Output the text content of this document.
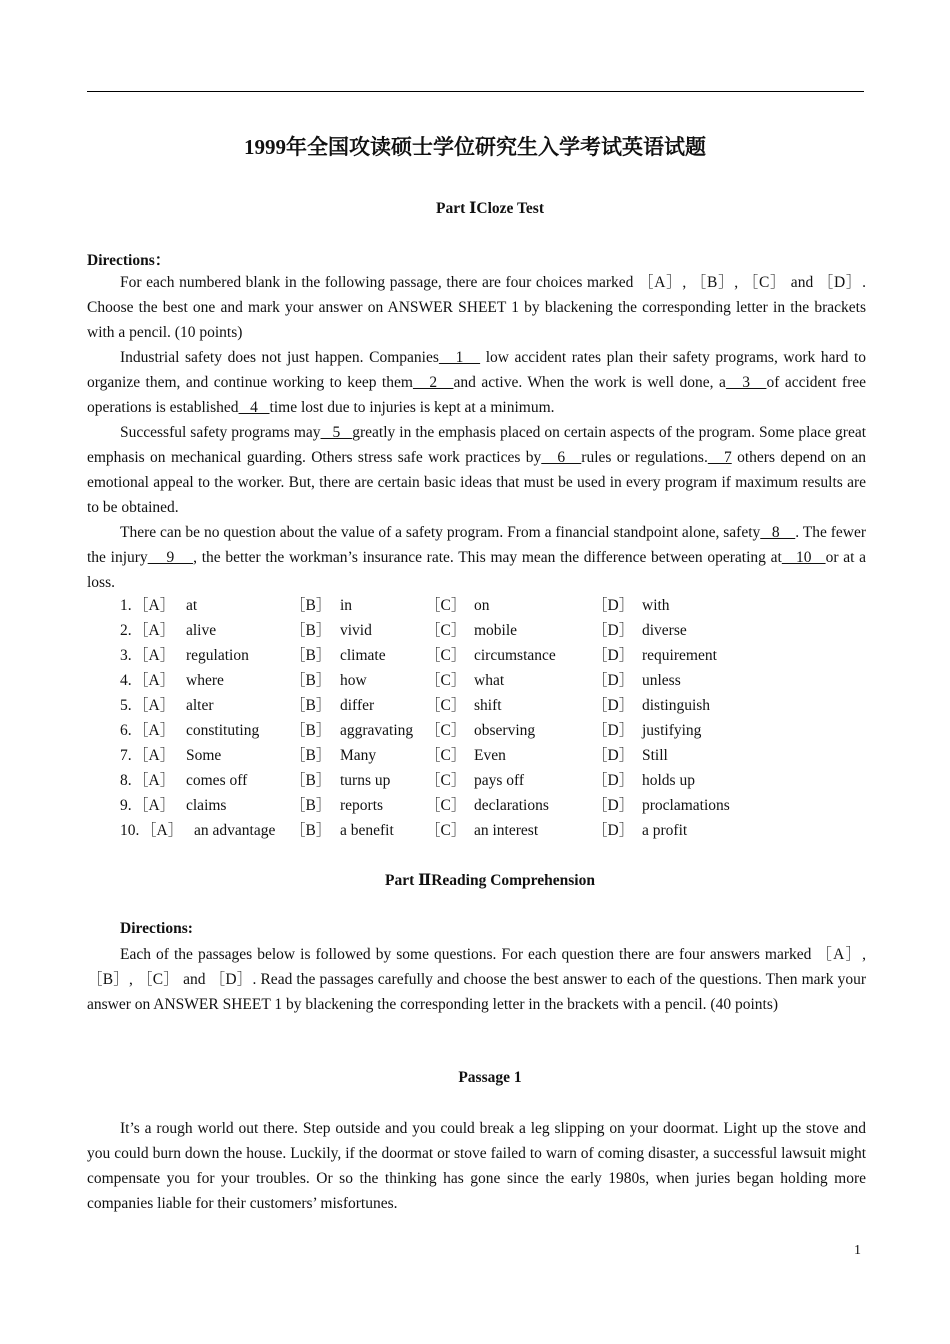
1999年全国攻读硕士学位研究生入学考试英语试题
Part ⅠCloze Test
Directions：

For each numbered blank in the following passage, there are four choices marked ［A］, ［B］, ［C］ and ［D］. Choose the best one and mark your answer on ANSWER SHEET 1 by blackening the corresponding letter in the brackets with a pencil. (10 points)

Industrial safety does not just happen. Companies   1    low accident rates plan their safety programs, work hard to organize them, and continue working to keep them   2   and active. When the work is well done, a   3   of accident free operations is established   4   time lost due to injuries is kept at a minimum.

Successful safety programs may   5   greatly in the emphasis placed on certain aspects of the program. Some place great emphasis on mechanical guarding. Others stress safe work practices by   6   rules or regulations.   7 others depend on an emotional appeal to the worker. But, there are certain basic ideas that must be used in every program if maximum results are to be obtained.

There can be no question about the value of a safety program. From a financial standpoint alone, safety   8    . The fewer the injury    9    , the better the workman’s insurance rate. This may mean the difference between operating at   10   or at a loss.

1. ［A］ at	［B］ in	［C］ on	［D］ with
2. ［A］ alive	［B］ vivid	［C］ mobile	［D］ diverse
3. ［A］ regulation	［B］ climate	［C］ circumstance ［D］ requirement
4. ［A］ where	［B］ how	［C］ what	［D］ unless
5. ［A］ alter	［B］ differ	［C］ shift	［D］ distinguish
6. ［A］ constituting ［B］ aggravating ［C］ observing	［D］ justifying
7. ［A］ Some	［B］ Many	［C］ Even	［D］ Still
8. ［A］ comes off	［B］ turns up ［C］ pays off	［D］ holds up
9. ［A］ claims	［B］ reports	［C］ declarations	［D］ proclamations
10. ［A］ an advantage ［B］ a benefit ［C］ an interest	［D］ a profit
Part ⅡReading Comprehension
Directions:

Each of the passages below is followed by some questions. For each question there are four answers marked ［A］, ［B］, ［C］ and ［D］. Read the passages carefully and choose the best answer to each of the questions. Then mark your answer on ANSWER SHEET 1 by blackening the corresponding letter in the brackets with a pencil. (40 points)

Passage 1

It’s a rough world out there. Step outside and you could break a leg slipping on your doormat. Light up the stove and you could burn down the house. Luckily, if the doormat or stove failed to warn of coming disaster, a successful lawsuit might compensate you for your troubles. Or so the thinking has gone since the early 1980s, when juries began holding more companies liable for their customers’ misfortunes.

1
